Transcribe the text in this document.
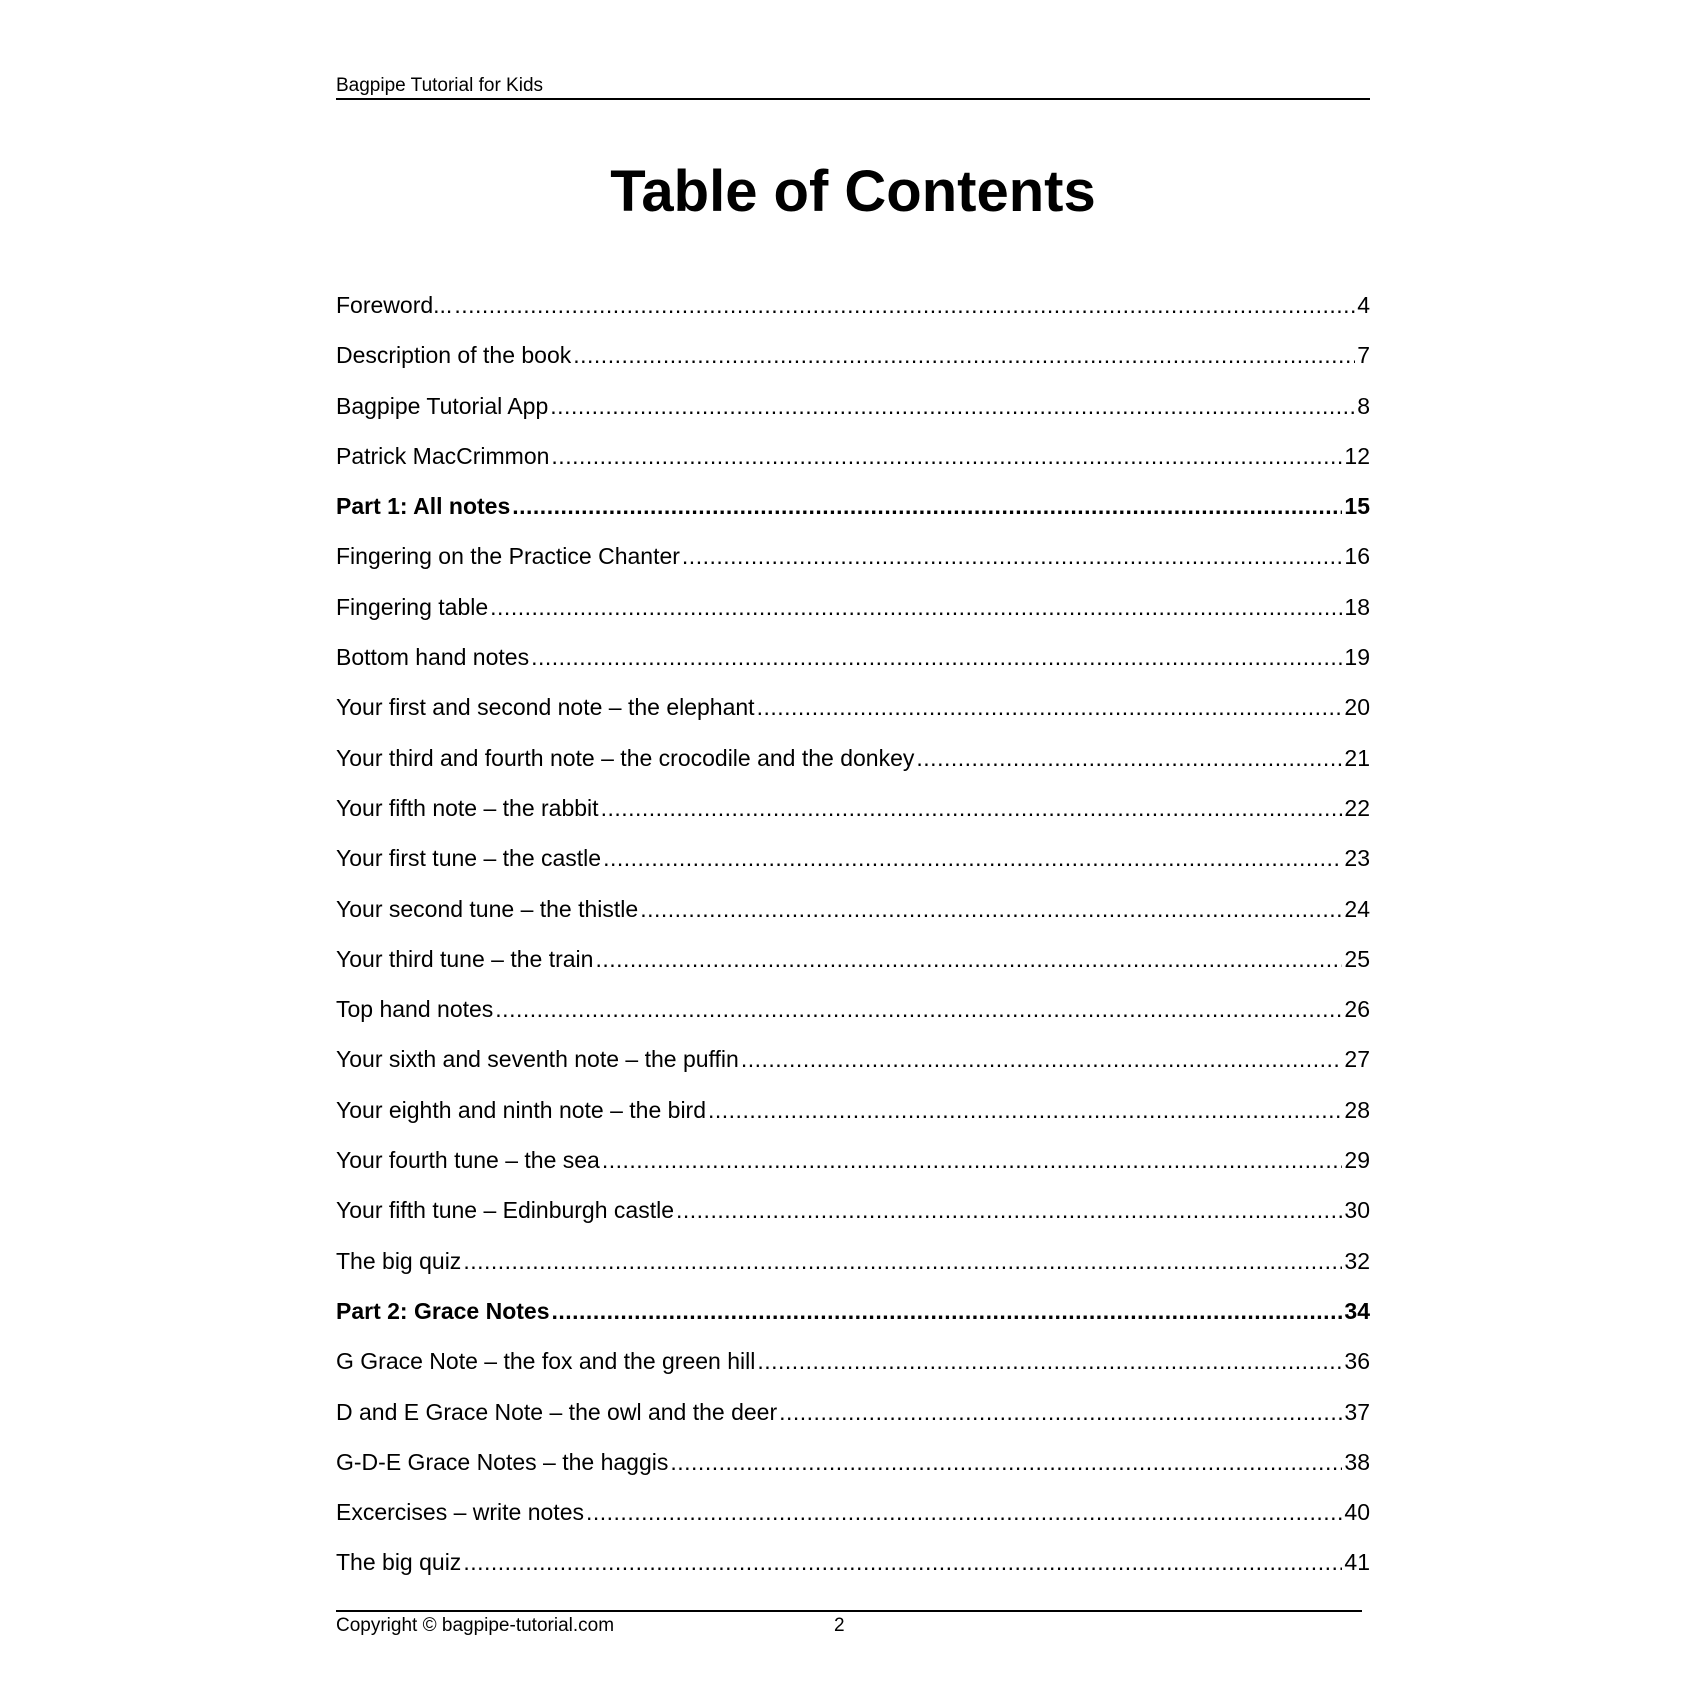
Bagpipe Tutorial for Kids
Table of Contents
Foreword... .....	4
Description of the book .....	7
Bagpipe Tutorial App .....	8
Patrick MacCrimmon .....	12
Part 1: All notes .....	15
Fingering on the Practice Chanter .....	16
Fingering table .....	18
Bottom hand notes .....	19
Your first and second note – the elephant .....	20
Your third and fourth note – the crocodile and the donkey .....	21
Your fifth note – the rabbit .....	22
Your first tune – the castle .....	23
Your second tune – the thistle .....	24
Your third tune – the train .....	25
Top hand notes .....	26
Your sixth and seventh note – the puffin .....	27
Your eighth and ninth note – the bird .....	28
Your fourth tune – the sea .....	29
Your fifth tune – Edinburgh castle .....	30
The big quiz .....	32
Part 2: Grace Notes .....	34
G Grace Note – the fox and the green hill .....	36
D and E Grace Note – the owl and the deer .....	37
G-D-E Grace Notes – the haggis .....	38
Excercises – write notes .....	40
The big quiz .....	41
Copyright © bagpipe-tutorial.com	2
